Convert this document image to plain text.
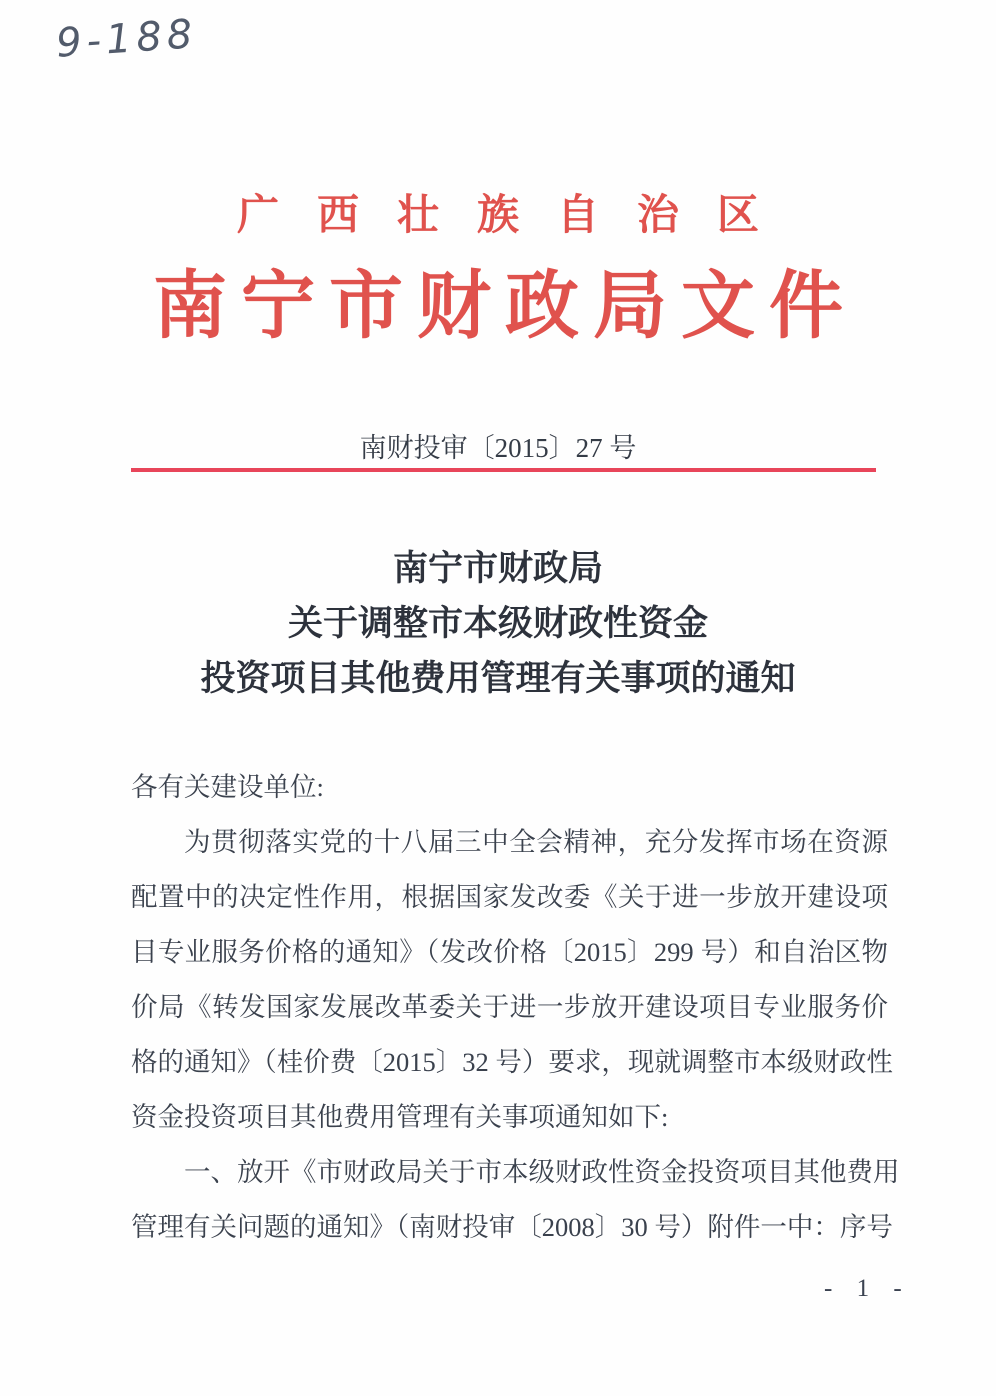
9-188
广西壮族自治区
南宁市财政局文件
南财投审〔2015〕27 号
南宁市财政局
关于调整市本级财政性资金
投资项目其他费用管理有关事项的通知
各有关建设单位:
为贯彻落实党的十八届三中全会精神，充分发挥市场在资源
配置中的决定性作用，根据国家发改委《关于进一步放开建设项
目专业服务价格的通知》（发改价格〔2015〕299 号）和自治区物
价局《转发国家发展改革委关于进一步放开建设项目专业服务价
格的通知》（桂价费〔2015〕32 号）要求，现就调整市本级财政性
资金投资项目其他费用管理有关事项通知如下:
一、放开《市财政局关于市本级财政性资金投资项目其他费用
管理有关问题的通知》（南财投审〔2008〕30 号）附件一中：序号
- 1 -
